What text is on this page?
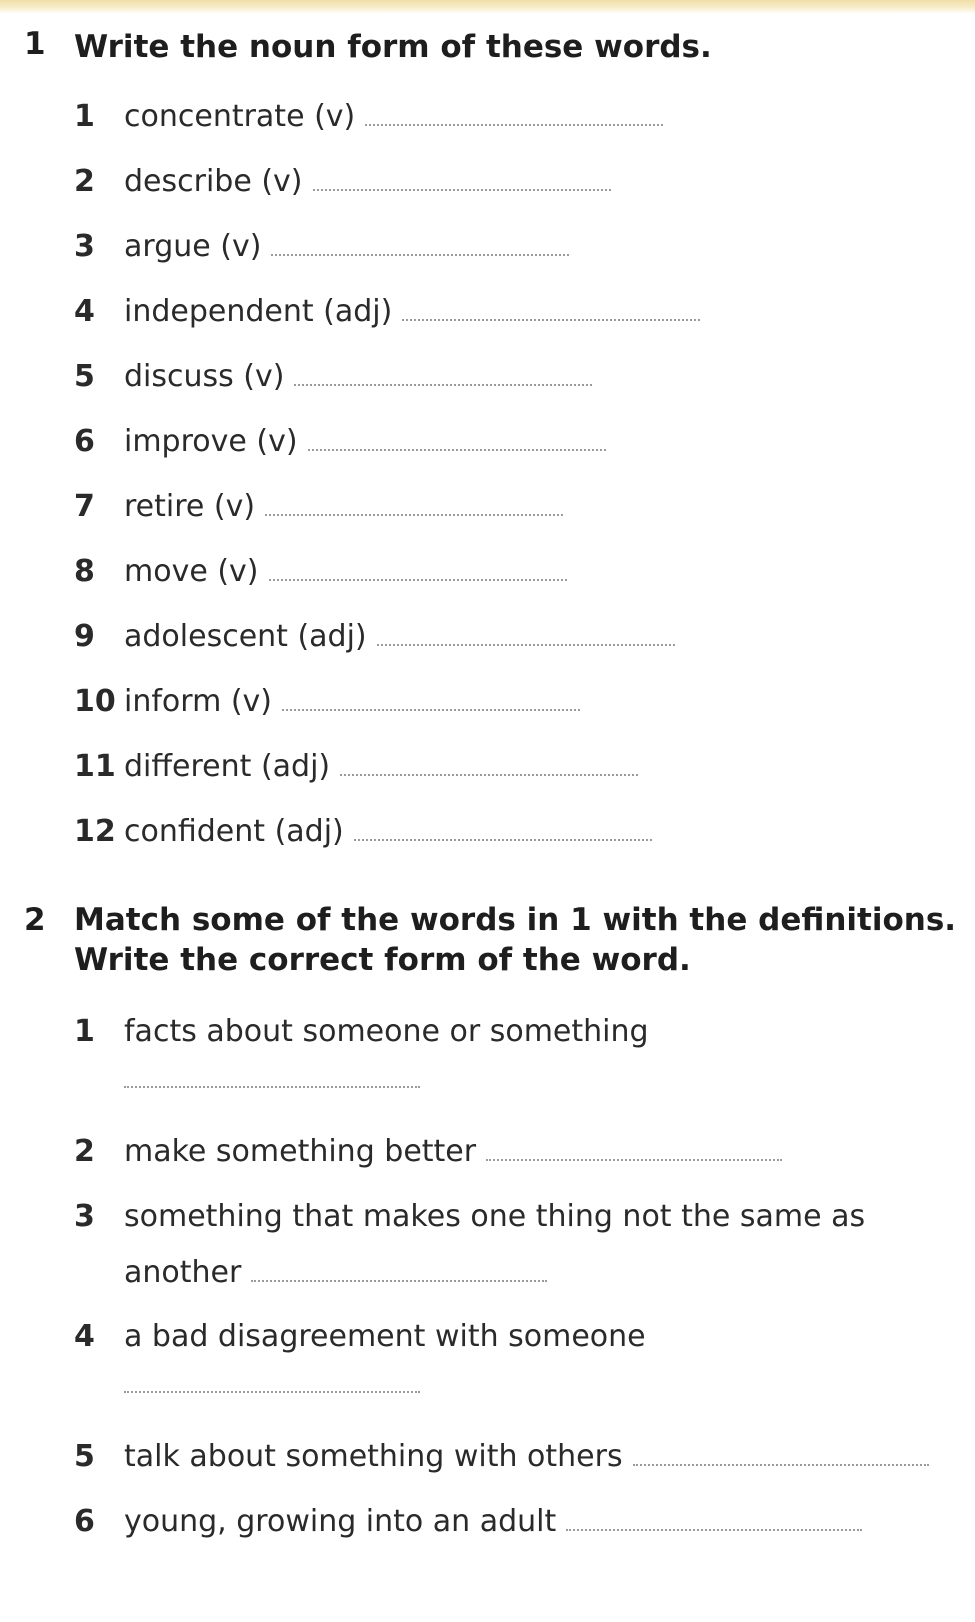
1 Write the noun form of these words.
1 concentrate (v)
2 describe (v)
3 argue (v)
4 independent (adj)
5 discuss (v)
6 improve (v)
7 retire (v)
8 move (v)
9 adolescent (adj)
10 inform (v)
11 different (adj)
12 confident (adj)
2 Match some of the words in 1 with the definitions. Write the correct form of the word.
1 facts about someone or something
2 make something better
3 something that makes one thing not the same as another
4 a bad disagreement with someone
5 talk about something with others
6 young, growing into an adult
